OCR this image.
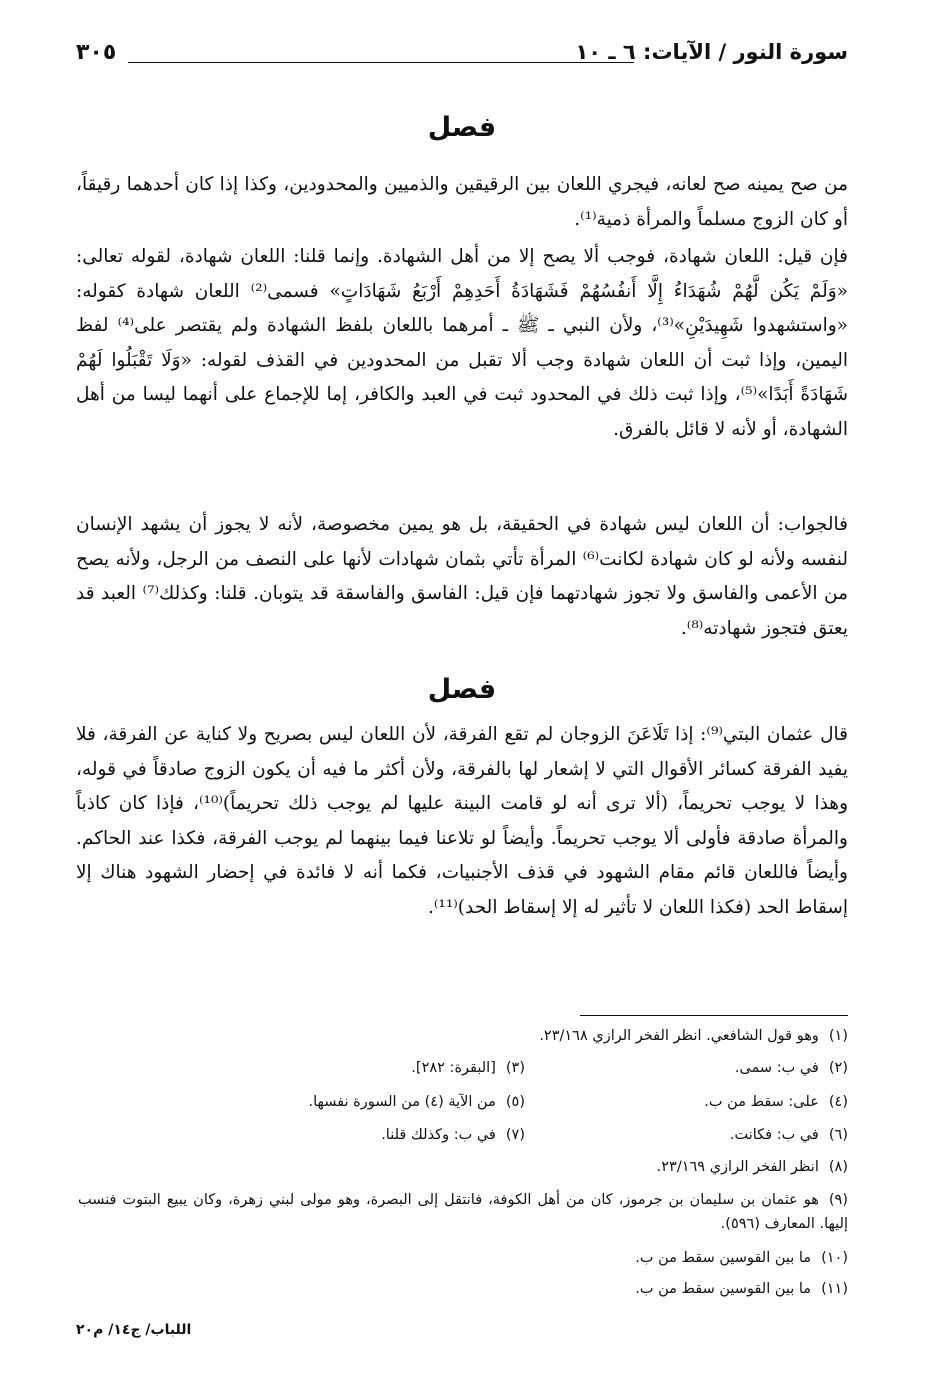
سورة النور / الآيات: ٦ ـ ١٠
٣٠٥
فصل

من صح يمينه صح لعانه، فيجري اللعان بين الرقيقين والذميين والمحدودين، وكذا إذا كان أحدهما رقيقاً، أو كان الزوج مسلماً والمرأة ذمية⁽¹⁾.

فإن قيل: اللعان شهادة، فوجب ألا يصح إلا من أهل الشهادة. وإنما قلنا: اللعان شهادة، لقوله تعالى: «وَلَمْ يَكُن لَّهُمْ شُهَدَاءُ إِلَّا أَنفُسُهُمْ فَشَهَادَةُ أَحَدِهِمْ أَرْبَعُ شَهَادَاتٍ» فسمى⁽²⁾ اللعان شهادة كقوله: «واستشهدوا شَهِيدَيْنِ»⁽³⁾، ولأن النبي ـ ﷺ ـ أمرهما باللعان بلفظ الشهادة ولم يقتصر على⁽⁴⁾ لفظ اليمين، وإذا ثبت أن اللعان شهادة وجب ألا تقبل من المحدودين في القذف لقوله: «وَلَا تَقْبَلُوا لَهُمْ شَهَادَةً أَبَدًا»⁽⁵⁾، وإذا ثبت ذلك في المحدود ثبت في العبد والكافر، إما للإجماع على أنهما ليسا من أهل الشهادة، أو لأنه لا قائل بالفرق.

فالجواب: أن اللعان ليس شهادة في الحقيقة، بل هو يمين مخصوصة، لأنه لا يجوز أن يشهد الإنسان لنفسه ولأنه لو كان شهادة لكانت⁽⁶⁾ المرأة تأتي بثمان شهادات لأنها على النصف من الرجل، ولأنه يصح من الأعمى والفاسق ولا تجوز شهادتهما فإن قيل: الفاسق والفاسقة قد يتوبان. قلنا: وكذلك⁽⁷⁾ العبد قد يعتق فتجوز شهادته⁽⁸⁾.

فصل

قال عثمان البتي⁽⁹⁾: إذا تَلَاعَنَ الزوجان لم تقع الفرقة، لأن اللعان ليس بصريح ولا كناية عن الفرقة، فلا يفيد الفرقة كسائر الأقوال التي لا إشعار لها بالفرقة، ولأن أكثر ما فيه أن يكون الزوج صادقاً في قوله، وهذا لا يوجب تحريماً، (ألا ترى أنه لو قامت البينة عليها لم يوجب ذلك تحريماً)⁽¹⁰⁾، فإذا كان كاذباً والمرأة صادقة فأولى ألا يوجب تحريماً. وأيضاً لو تلاعنا فيما بينهما لم يوجب الفرقة، فكذا عند الحاكم. وأيضاً فاللعان قائم مقام الشهود في قذف الأجنبيات، فكما أنه لا فائدة في إحضار الشهود هناك إلا إسقاط الحد (فكذا اللعان لا تأثير له إلا إسقاط الحد)⁽¹¹⁾.

(١)وهو قول الشافعي. انظر الفخر الرازي ٢٣/١٦٨.
(٢)في ب: سمى.
(٣)[البقرة: ٢٨٢].
(٤)على: سقط من ب.
(٥)من الآية (٤) من السورة نفسها.
(٦)في ب: فكانت.
(٧)في ب: وكذلك قلنا.
(٨)انظر الفخر الرازي ٢٣/١٦٩.
(٩)هو عثمان بن سليمان بن جرموز، كان من أهل الكوفة، فانتقل إلى البصرة، وهو مولى لبني زهرة، وكان يبيع البتوت فنسب إليها. المعارف (٥٩٦).
(١٠)ما بين القوسين سقط من ب.
(١١)ما بين القوسين سقط من ب.
اللباب/ ج١٤/ م٢٠
